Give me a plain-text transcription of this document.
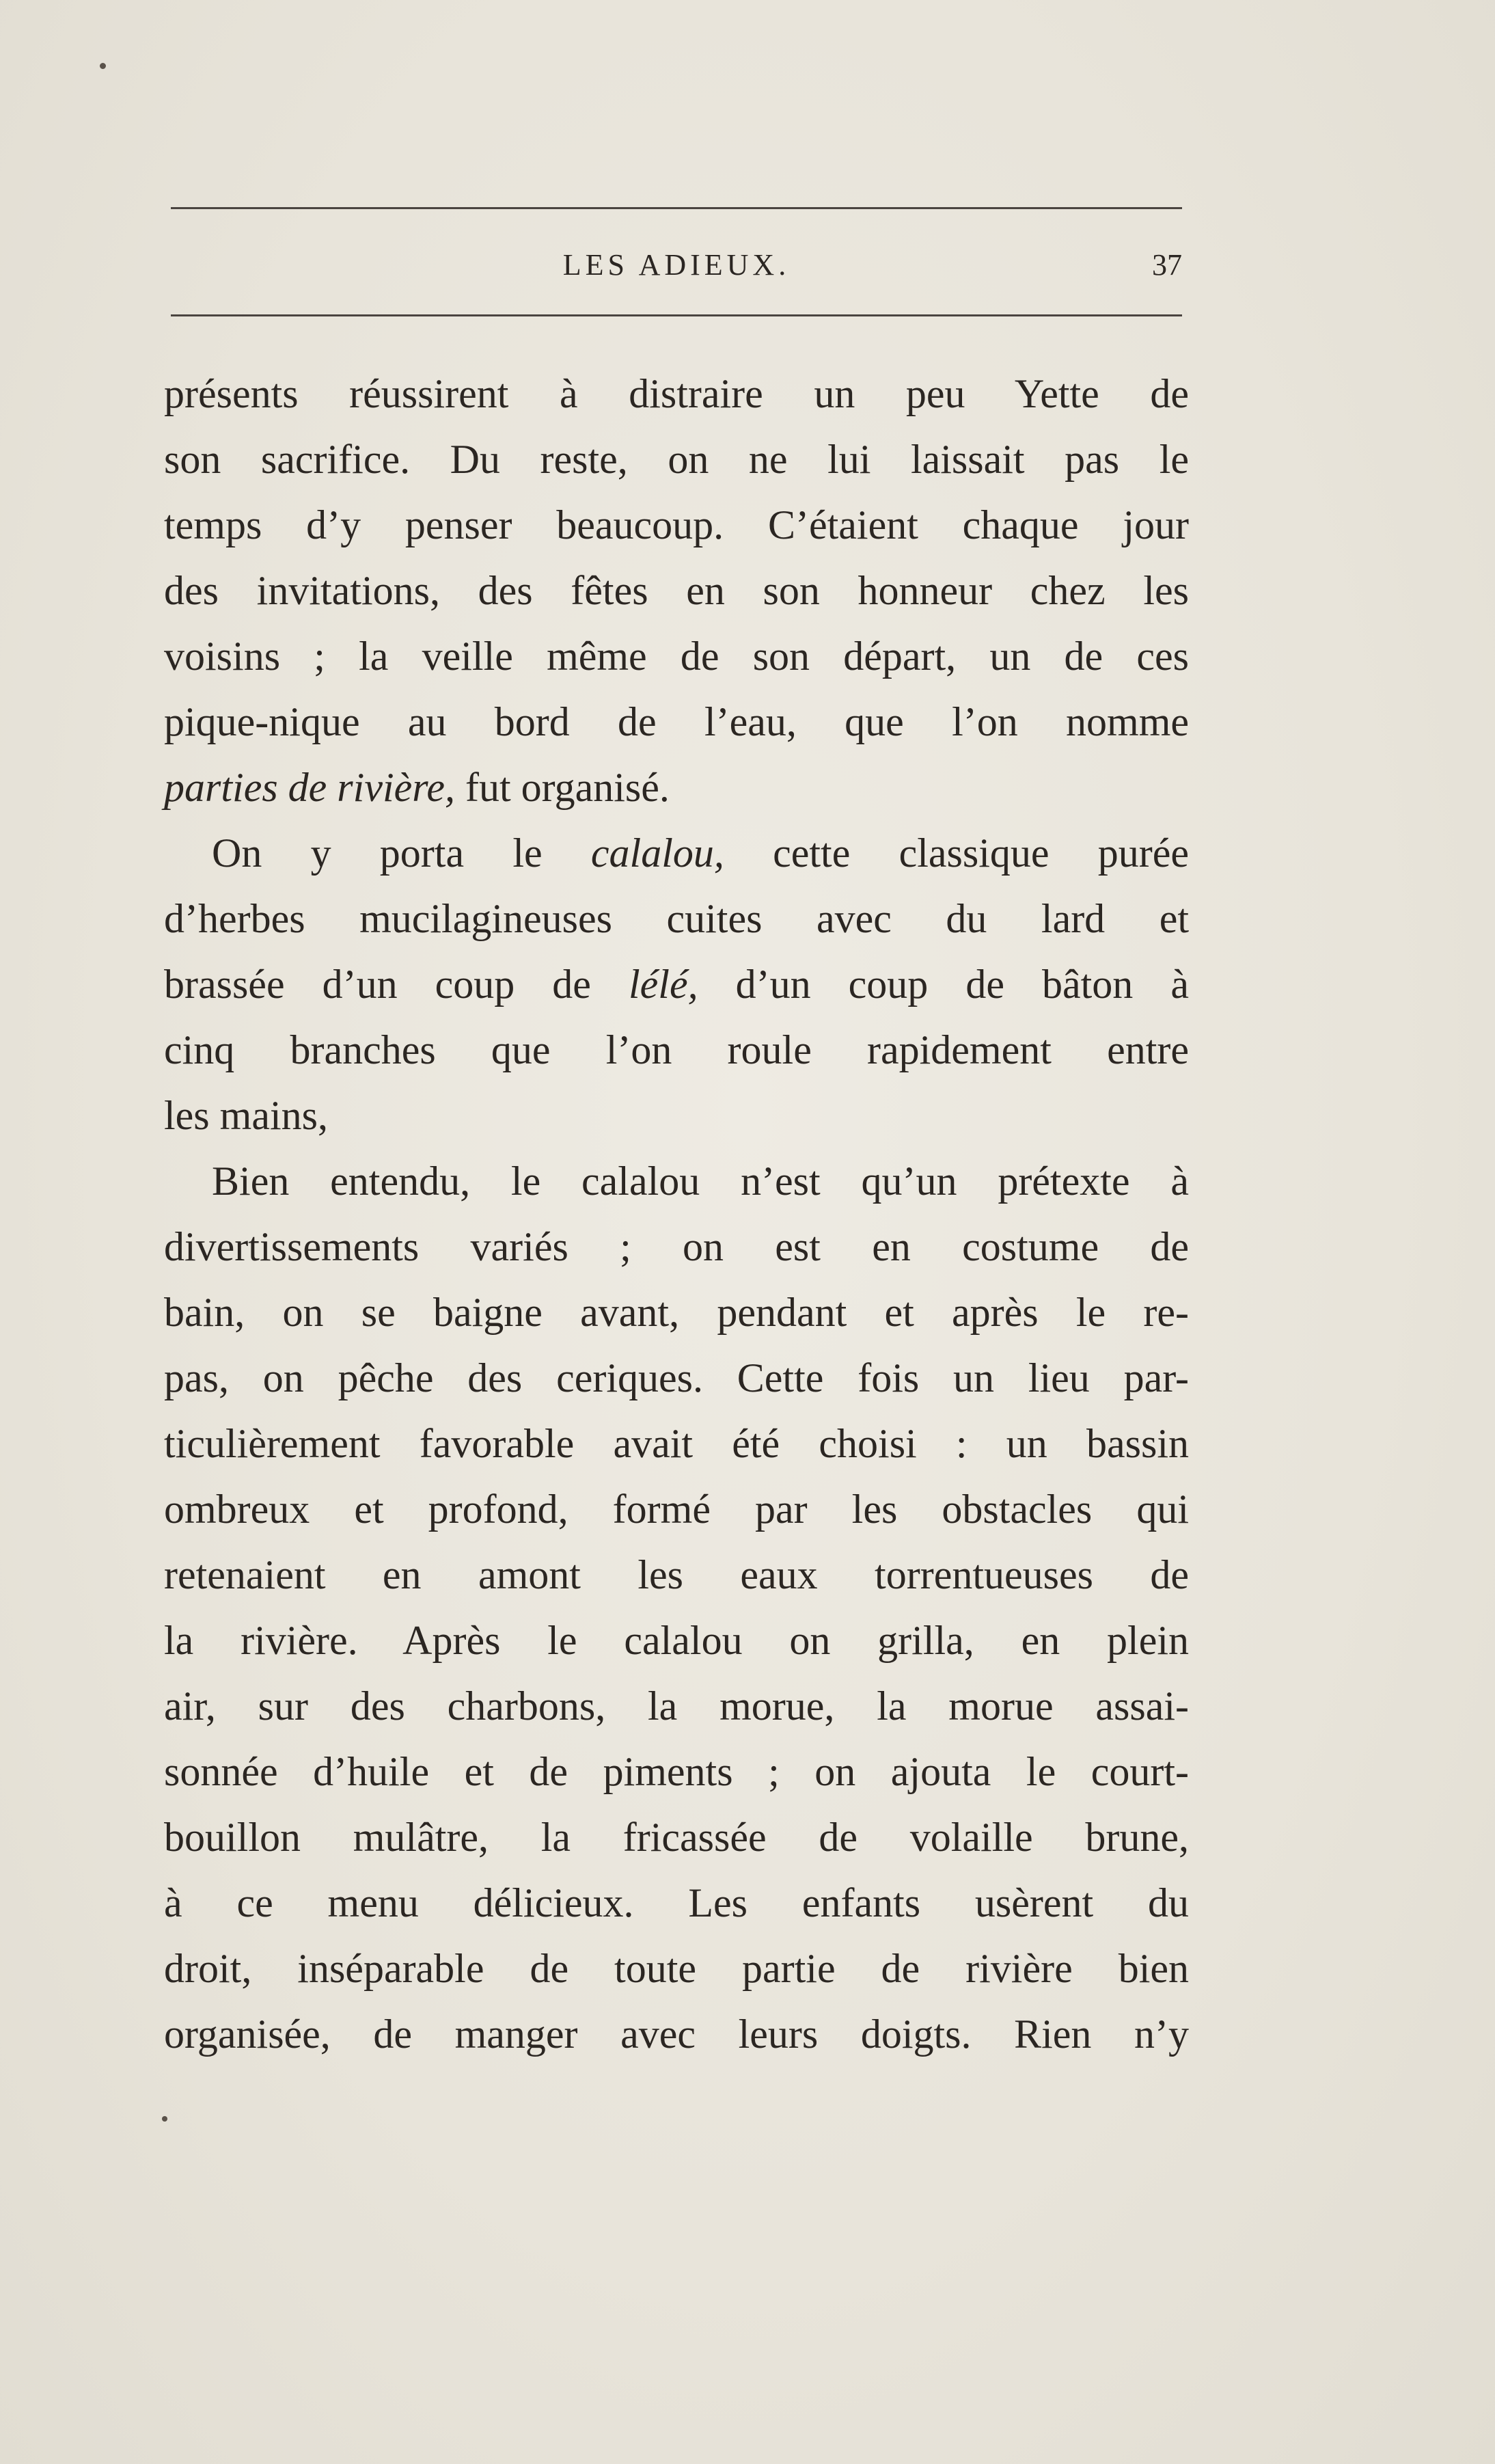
LES ADIEUX.	37
présents réussirent à distraire un peu Yette de
son sacrifice. Du reste, on ne lui laissait pas le
temps d’y penser beaucoup. C’étaient chaque jour
des invitations, des fêtes en son honneur chez les
voisins ; la veille même de son départ, un de ces
pique-nique au bord de l’eau, que l’on nomme
parties de rivière, fut organisé.
On y porta le calalou, cette classique purée
d’herbes mucilagineuses cuites avec du lard et
brassée d’un coup de lélé, d’un coup de bâton à
cinq branches que l’on roule rapidement entre
les mains,
Bien entendu, le calalou n’est qu’un prétexte à
divertissements variés ; on est en costume de
bain, on se baigne avant, pendant et après le re-
pas, on pêche des ceriques. Cette fois un lieu par-
ticulièrement favorable avait été choisi : un bassin
ombreux et profond, formé par les obstacles qui
retenaient en amont les eaux torrentueuses de
la rivière. Après le calalou on grilla, en plein
air, sur des charbons, la morue, la morue assai-
sonnée d’huile et de piments ; on ajouta le court-
bouillon mulâtre, la fricassée de volaille brune,
à ce menu délicieux. Les enfants usèrent du
droit, inséparable de toute partie de rivière bien
organisée, de manger avec leurs doigts. Rien n’y
